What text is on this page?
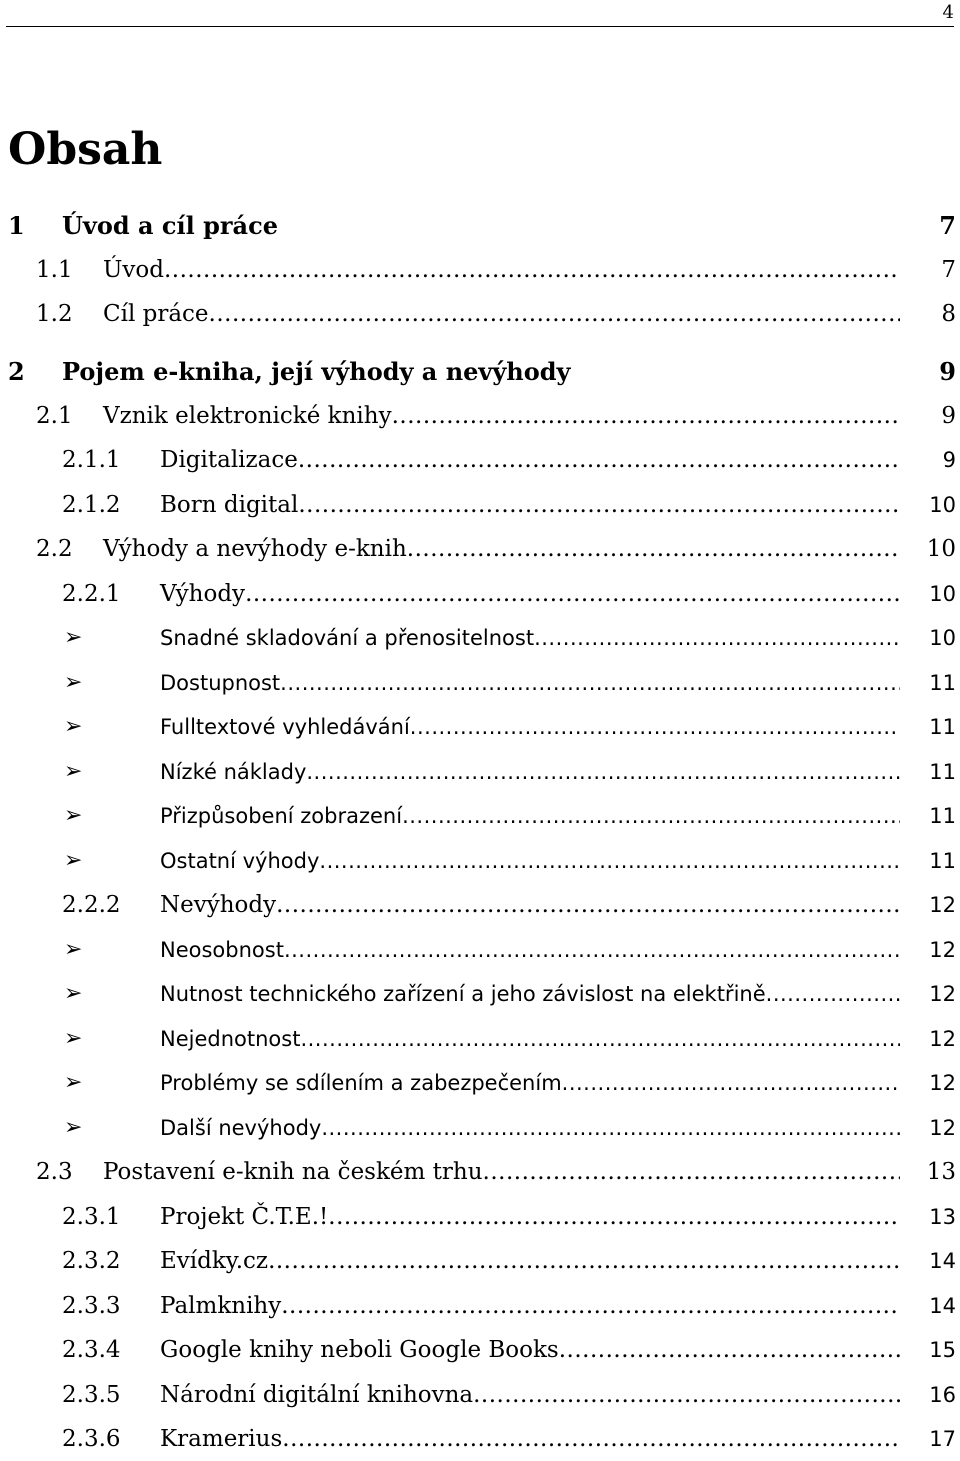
4
Obsah
1 Úvod a cíl práce	7
1.1 Úvod .....	7
1.2 Cíl práce .....	8
2 Pojem e-kniha, její výhody a nevýhody	9
2.1 Vznik elektronické knihy .....	9
2.1.1 Digitalizace .....	9
2.1.2 Born digital .....	10
2.2 Výhody a nevýhody e-knih .....	10
2.2.1 Výhody .....	10
➢	Snadné skladování a přenositelnost .....	10
➢	Dostupnost .....	11
➢	Fulltextové vyhledávání .....	11
➢	Nízké náklady .....	11
➢	Přizpůsobení zobrazení .....	11
➢	Ostatní výhody .....	11
2.2.2 Nevýhody .....	12
➢	Neosobnost .....	12
➢	Nutnost technického zařízení a jeho závislost na elektřině .....	12
➢	Nejednotnost .....	12
➢	Problémy se sdílením a zabezpečením .....	12
➢	Další nevýhody .....	12
2.3 Postavení e-knih na českém trhu .....	13
2.3.1 Projekt Č.T.E.! .....	13
2.3.2 Evídky.cz .....	14
2.3.3 Palmknihy .....	14
2.3.4 Google knihy neboli Google Books .....	15
2.3.5 Národní digitální knihovna .....	16
2.3.6 Kramerius .....	17
